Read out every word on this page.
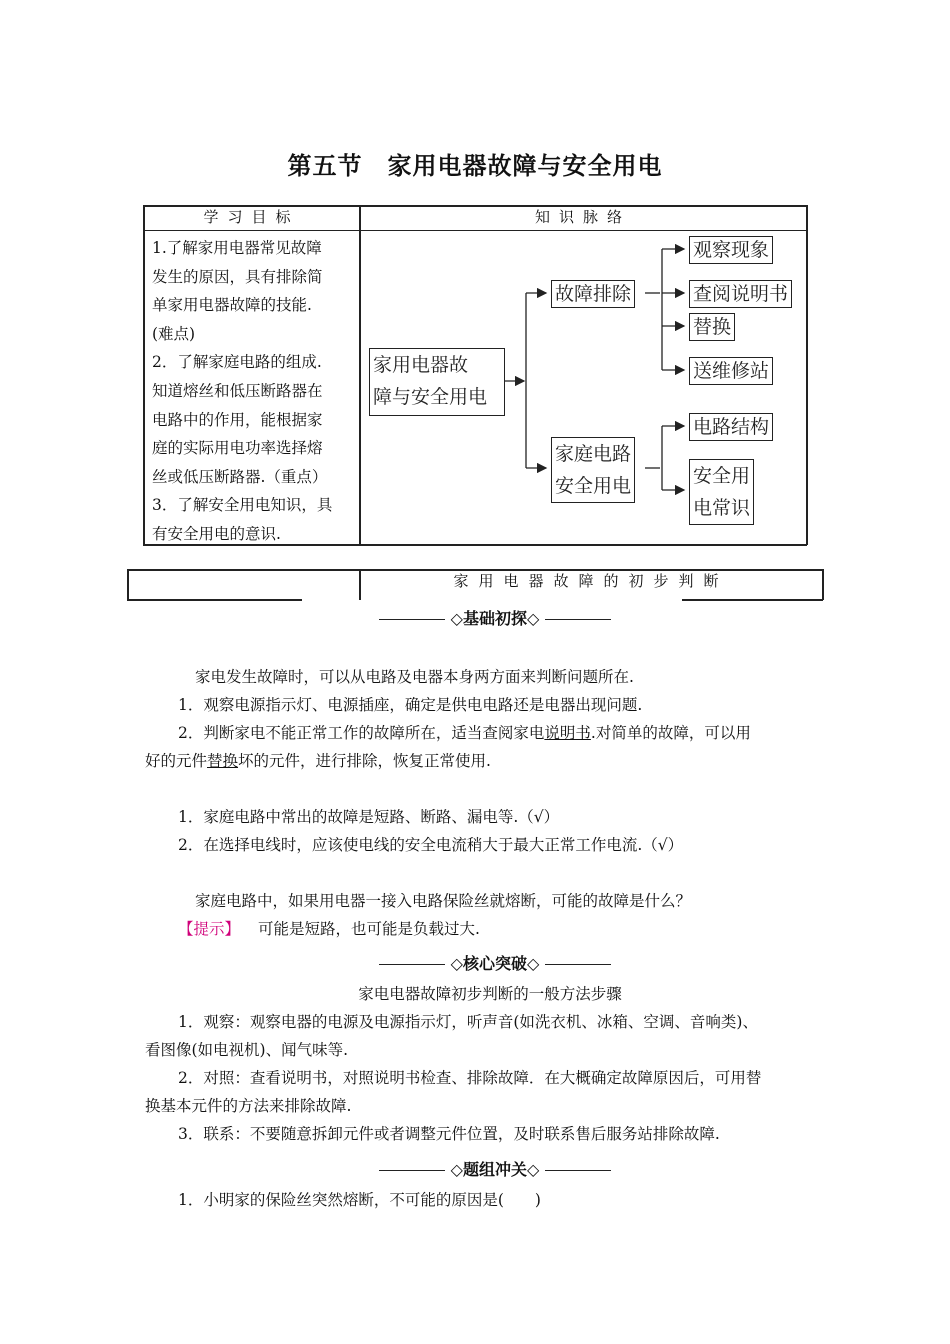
第五节　家用电器故障与安全用电
学习目标	知识脉络
1.了解家用电器常见故障
发生的原因，具有排除简
单家用电器故障的技能.
(难点)
2．了解家庭电路的组成.
知道熔丝和低压断路器在
电路中的作用，能根据家
庭的实际用电功率选择熔
丝或低压断路器.（重点）
3．了解安全用电知识，具
有安全用电的意识.
家用电器故
障与安全用电
故障排除
家庭电路
安全用电
观察现象
查阅说明书
替换
送维修站
电路结构
安全用
电常识
家用电器故障的初步判断
◇基础初探◇
家电发生故障时，可以从电路及电器本身两方面来判断问题所在.
1．观察电源指示灯、电源插座，确定是供电电路还是电器出现问题.
2．判断家电不能正常工作的故障所在，适当查阅家电说明书.对简单的故障，可以用
好的元件替换坏的元件，进行排除，恢复正常使用.
1．家庭电路中常出的故障是短路、断路、漏电等.（√）
2．在选择电线时，应该使电线的安全电流稍大于最大正常工作电流.（√）
家庭电路中，如果用电器一接入电路保险丝就熔断，可能的故障是什么？
【提示】 可能是短路，也可能是负载过大.
◇核心突破◇
家电电器故障初步判断的一般方法步骤
1．观察：观察电器的电源及电源指示灯，听声音(如洗衣机、冰箱、空调、音响类)、
看图像(如电视机)、闻气味等.
2．对照：查看说明书，对照说明书检查、排除故障．在大概确定故障原因后，可用替
换基本元件的方法来排除故障.
3．联系：不要随意拆卸元件或者调整元件位置，及时联系售后服务站排除故障.
◇题组冲关◇
1．小明家的保险丝突然熔断，不可能的原因是(　　)
